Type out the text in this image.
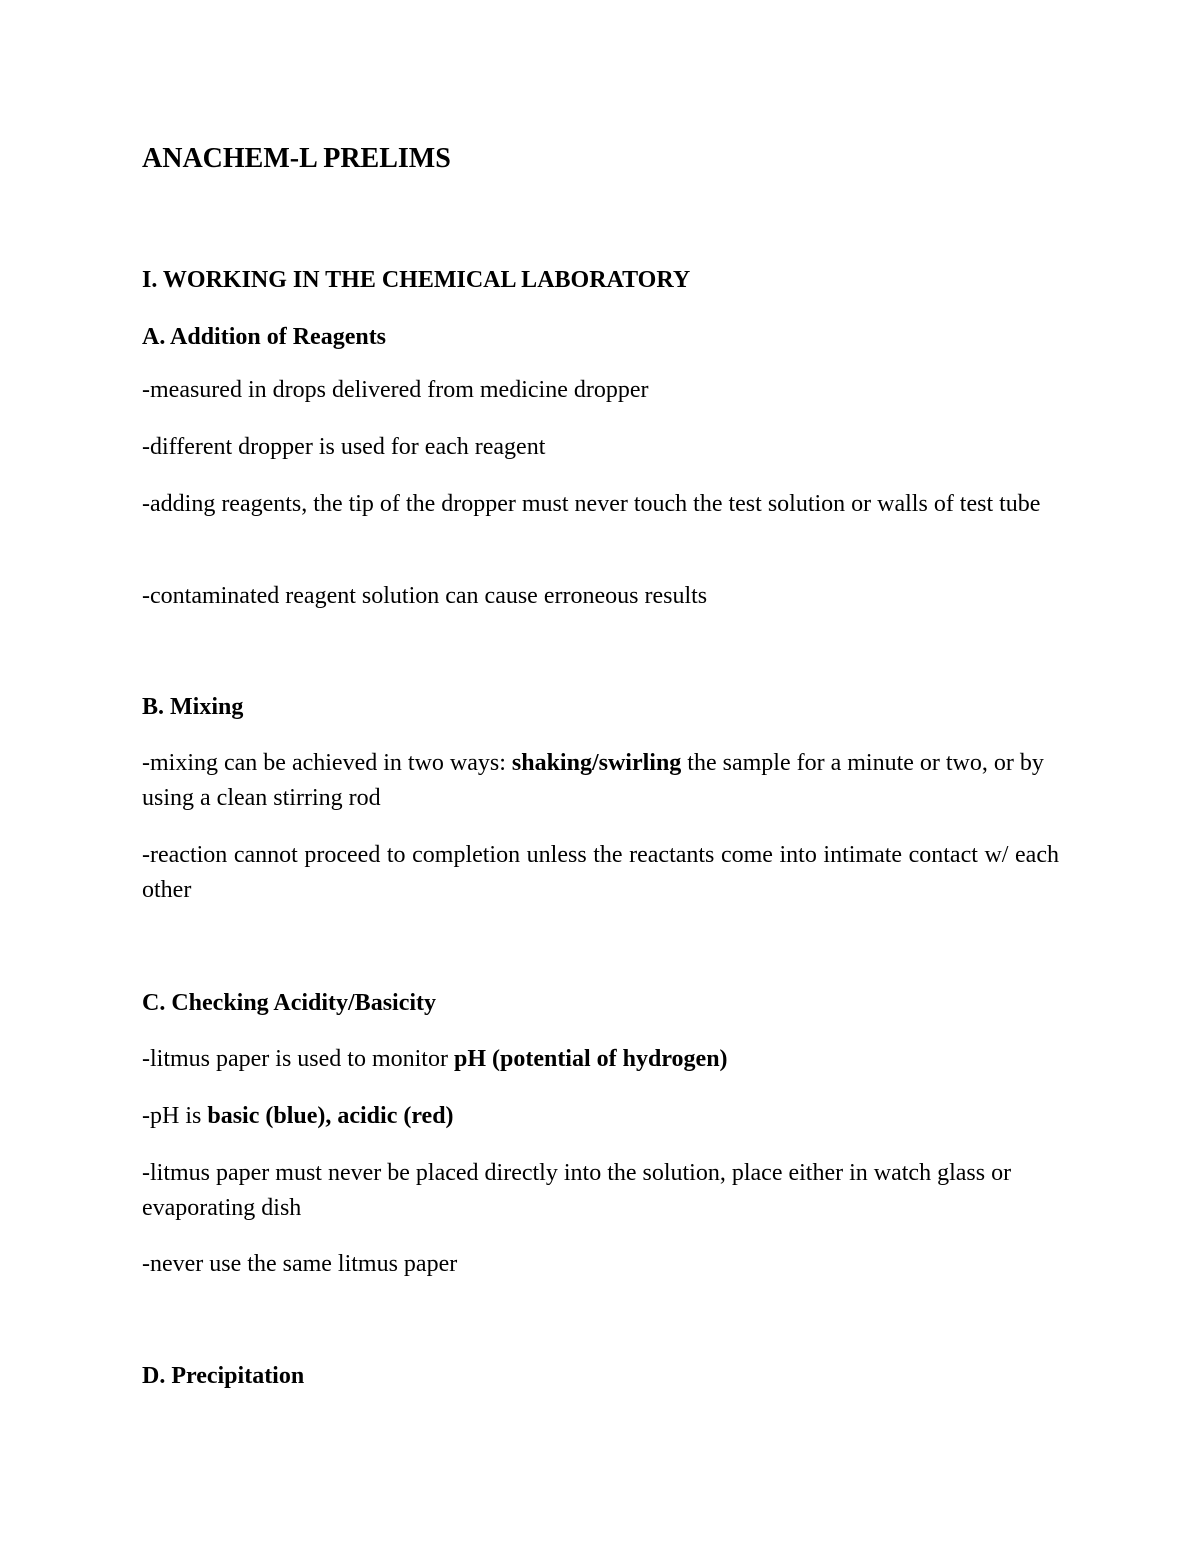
ANACHEM-L PRELIMS
I. WORKING IN THE CHEMICAL LABORATORY
A. Addition of Reagents

-measured in drops delivered from medicine dropper

-different dropper is used for each reagent

-adding reagents, the tip of the dropper must never touch the test solution or walls of test tube

-contaminated reagent solution can cause erroneous results

B. Mixing

-mixing can be achieved in two ways: shaking/swirling the sample for a minute or two, or by using a clean stirring rod

-reaction cannot proceed to completion unless the reactants come into intimate contact w/ each other

C. Checking Acidity/Basicity

-litmus paper is used to monitor pH (potential of hydrogen)

-pH is basic (blue), acidic (red)

-litmus paper must never be placed directly into the solution, place either in watch glass or evaporating dish

-never use the same litmus paper

D. Precipitation
